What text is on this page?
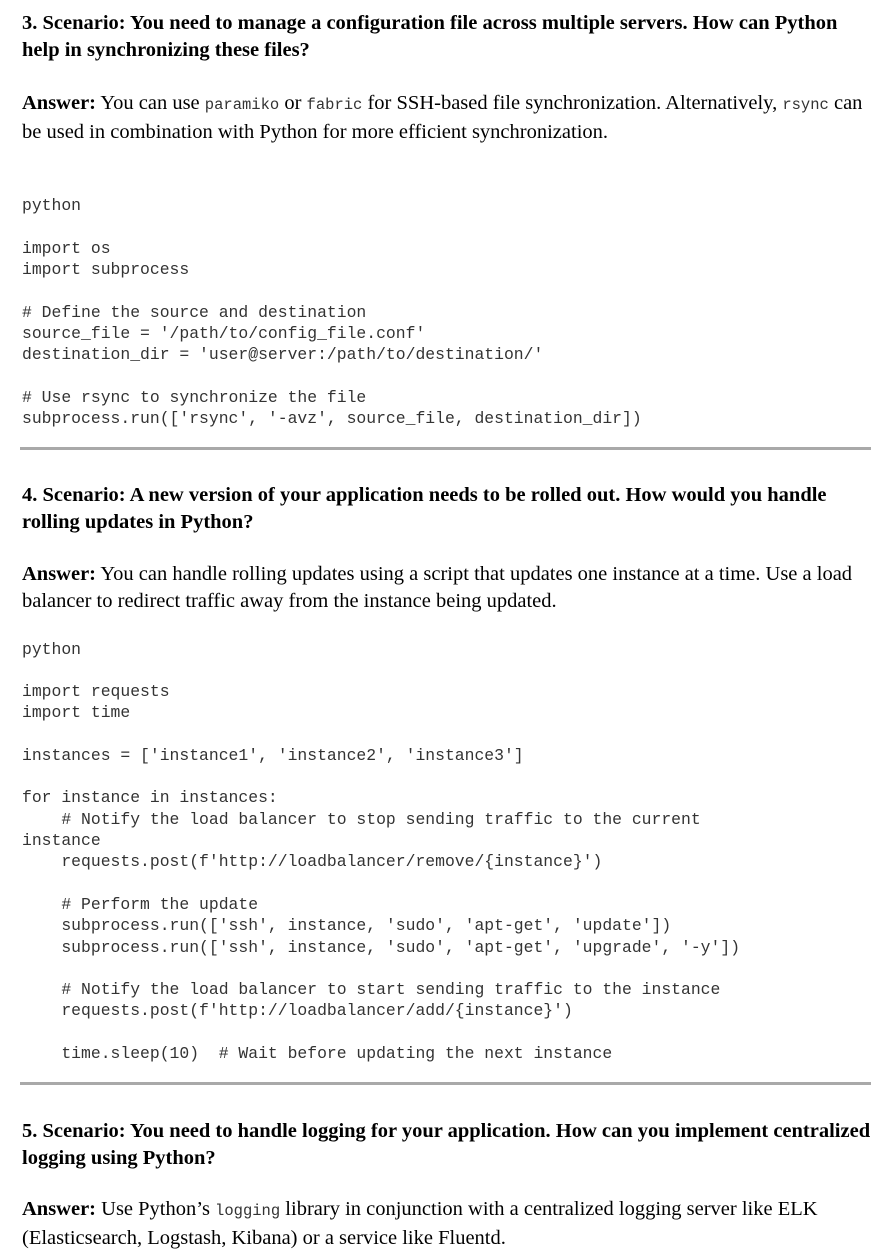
3. Scenario: You need to manage a configuration file across multiple servers. How can Python help in synchronizing these files?

Answer: You can use paramiko or fabric for SSH-based file synchronization. Alternatively, rsync can be used in combination with Python for more efficient synchronization.

python

import os
import subprocess

# Define the source and destination
source_file = '/path/to/config_file.conf'
destination_dir = 'user@server:/path/to/destination/'

# Use rsync to synchronize the file
subprocess.run(['rsync', '-avz', source_file, destination_dir])

4. Scenario: A new version of your application needs to be rolled out. How would you handle rolling updates in Python?

Answer: You can handle rolling updates using a script that updates one instance at a time. Use a load balancer to redirect traffic away from the instance being updated.

python

import requests
import time

instances = ['instance1', 'instance2', 'instance3']

for instance in instances:
# Notify the load balancer to stop sending traffic to the current
instance
requests.post(f'http://loadbalancer/remove/{instance}')

# Perform the update
subprocess.run(['ssh', instance, 'sudo', 'apt-get', 'update'])
subprocess.run(['ssh', instance, 'sudo', 'apt-get', 'upgrade', '-y'])

# Notify the load balancer to start sending traffic to the instance
requests.post(f'http://loadbalancer/add/{instance}')

time.sleep(10)  # Wait before updating the next instance

5. Scenario: You need to handle logging for your application. How can you implement centralized logging using Python?

Answer: Use Python’s logging library in conjunction with a centralized logging server like ELK (Elasticsearch, Logstash, Kibana) or a service like Fluentd.
